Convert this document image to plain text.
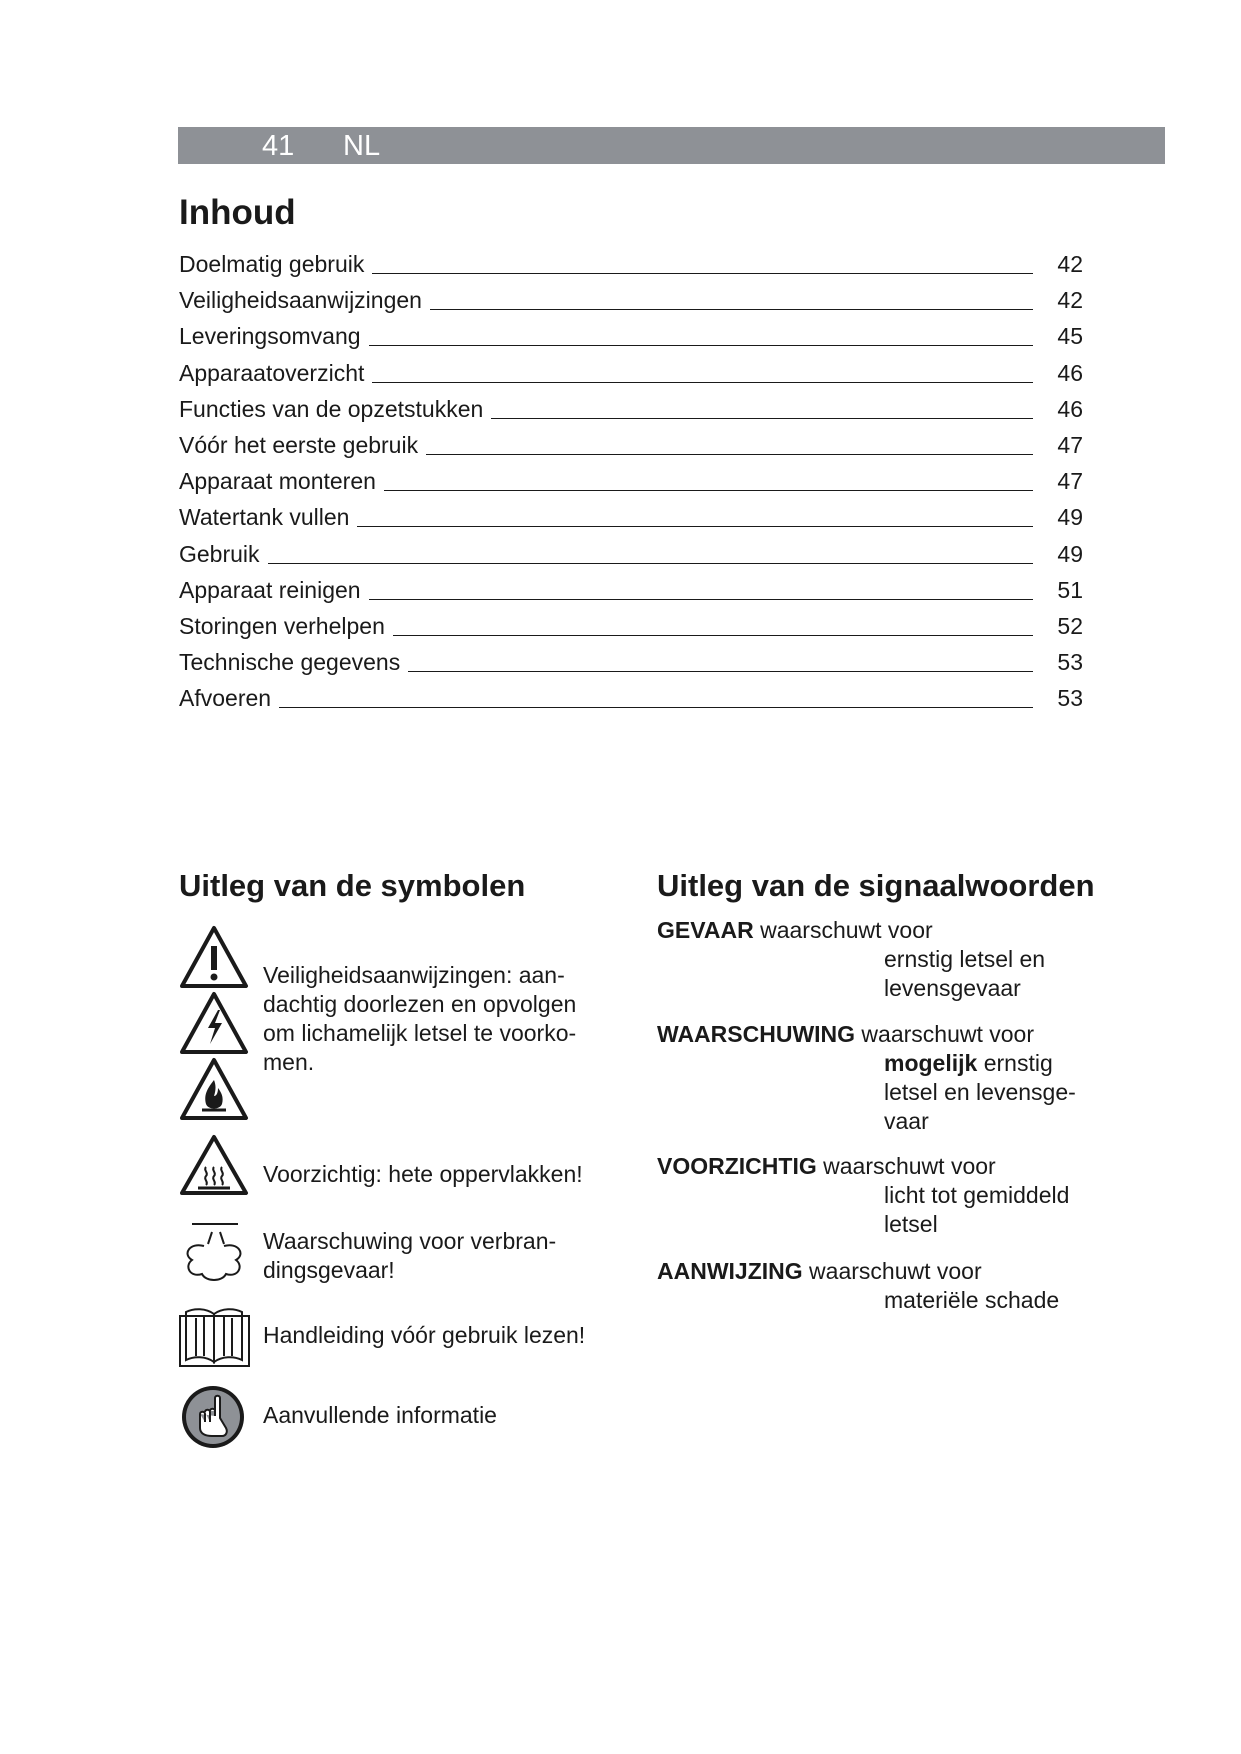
41 NL
Inhoud
Doelmatig gebruik	42
Veiligheidsaanwijzingen	42
Leveringsomvang	45
Apparaatoverzicht	46
Functies van de opzetstukken	46
Vóór het eerste gebruik	47
Apparaat monteren	47
Watertank vullen	49
Gebruik	49
Apparaat reinigen	51
Storingen verhelpen	52
Technische gegevens	53
Afvoeren	53
Uitleg van de symbolen
Veiligheidsaanwijzingen: aan-
dachtig doorlezen en opvolgen
om lichamelijk letsel te voorko-
men.
Voorzichtig: hete oppervlakken!
Waarschuwing voor verbran-
dingsgevaar!
Handleiding vóór gebruik lezen!
Aanvullende informatie
Uitleg van de signaalwoorden
GEVAAR waarschuwt voor
ernstig letsel en
levensgevaar
WAARSCHUWING waarschuwt voor
mogelijk ernstig
letsel en levensge-
vaar
VOORZICHTIG waarschuwt voor
licht tot gemiddeld
letsel
AANWIJZING waarschuwt voor
materiële schade
